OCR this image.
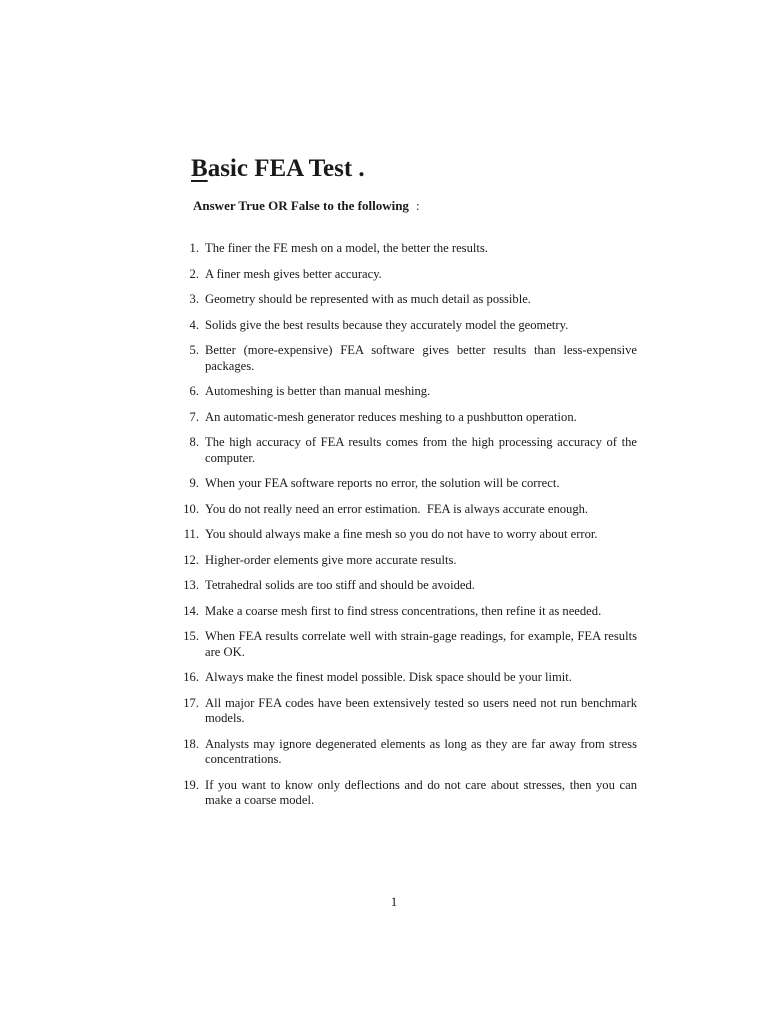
Basic FEA Test .
Answer True OR False to the following :
1. The finer the FE mesh on a model, the better the results.
2. A finer mesh gives better accuracy.
3. Geometry should be represented with as much detail as possible.
4. Solids give the best results because they accurately model the geometry.
5. Better (more-expensive) FEA software gives better results than less-expensive packages.
6. Automeshing is better than manual meshing.
7. An automatic-mesh generator reduces meshing to a pushbutton operation.
8. The high accuracy of FEA results comes from the high processing accuracy of the computer.
9. When your FEA software reports no error, the solution will be correct.
10. You do not really need an error estimation.  FEA is always accurate enough.
11. You should always make a fine mesh so you do not have to worry about error.
12. Higher-order elements give more accurate results.
13. Tetrahedral solids are too stiff and should be avoided.
14. Make a coarse mesh first to find stress concentrations, then refine it as needed.
15. When FEA results correlate well with strain-gage readings, for example, FEA results are OK.
16. Always make the finest model possible. Disk space should be your limit.
17. All major FEA codes have been extensively tested so users need not run benchmark models.
18. Analysts may ignore degenerated elements as long as they are far away from stress concentrations.
19. If you want to know only deflections and do not care about stresses, then you can make a coarse model.
1
